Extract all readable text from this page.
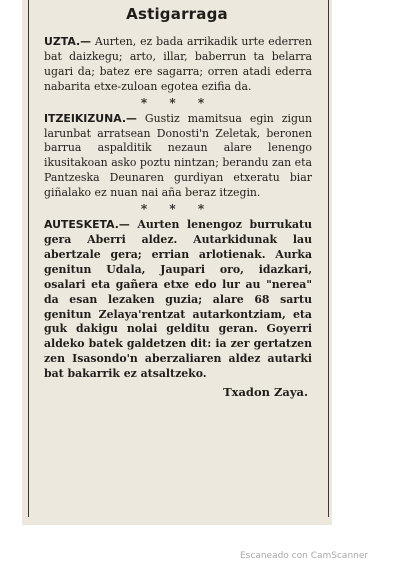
Astigarraga

UZTA.— Aurten, ez bada arrikadik urte ederren bat daizkegu; arto, illar, baberrun ta belarra ugari da; batez ere sagarra; orren atadi ederra nabarita etxe-zuloan egotea ezifia da.

* * *

ITZEIKIZUNA.— Gustiz mamitsua egin zigun larunbat arratsean Donosti'n Zeletak, beronen barrua aspalditik nezaun alare lenengo ikusitakoan asko poztu nintzan; berandu zan eta Pantzeska Deunaren gurdiyan etxeratu biar giñalako ez nuan nai aña beraz itzegin.

* * *

AUTESKETA.— Aurten lenengoz burrukatu gera Aberri aldez. Autarkidunak lau abertzale gera; errian arlotienak. Aurka genitun Udala, Jaupari oro, idazkari, osalari eta gañera etxe edo lur au "nerea" da esan lezaken guzia; alare 68 sartu genitun Zelaya'rentzat autarkontziam, eta guk dakigu nolai gelditu geran. Goyerri aldeko batek galdetzen dit: ia zer gertatzen zen Isasondo'n aberzaliaren aldez autarki bat bakarrik ez atsaltzeko.

Txadon Zaya.
Escaneado con CamScanner
